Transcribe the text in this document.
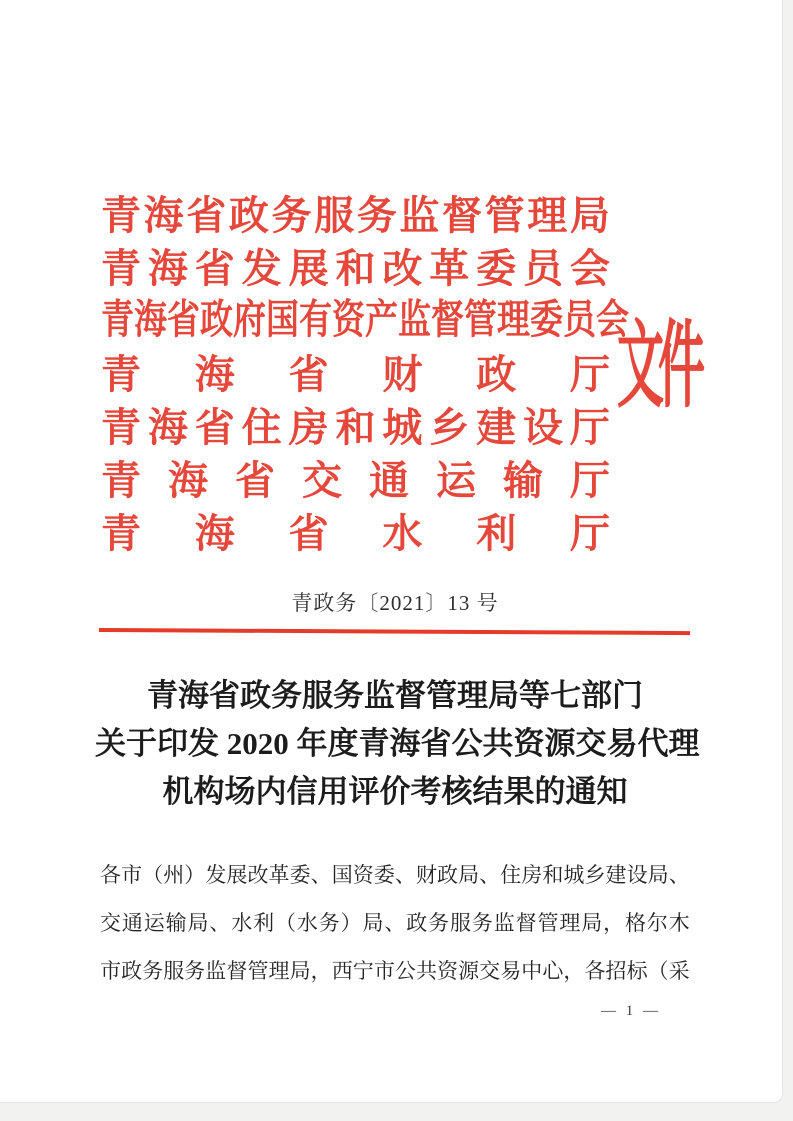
青 海 省 政 务 服 务 监 督 管 理 局
青 海 省 发 展 和 改 革 委 员 会
青 海 省 政 府 国 有 资 产 监 督 管 理 委 员 会
青 海 省 财 政 厅
青 海 省 住 房 和 城 乡 建 设 厅
青 海 省 交 通 运 输 厅
青 海 省 水 利 厅
文件
青政务〔2021〕13 号
青海省政务服务监督管理局等七部门
关于印发 2020 年度青海省公共资源交易代理
机构场内信用评价考核结果的通知
各 市 （ 州 ） 发 展 改 革 委 、 国 资 委 、 财 政 局 、 住 房 和 城 乡 建 设 局 、
交 通 运 输 局 、 水 利 （ 水 务 ） 局 、 政 务 服 务 监 督 管 理 局 ， 格 尔 木
市 政 务 服 务 监 督 管 理 局 ， 西 宁 市 公 共 资 源 交 易 中 心 ， 各 招 标 （ 采
— 1 —
